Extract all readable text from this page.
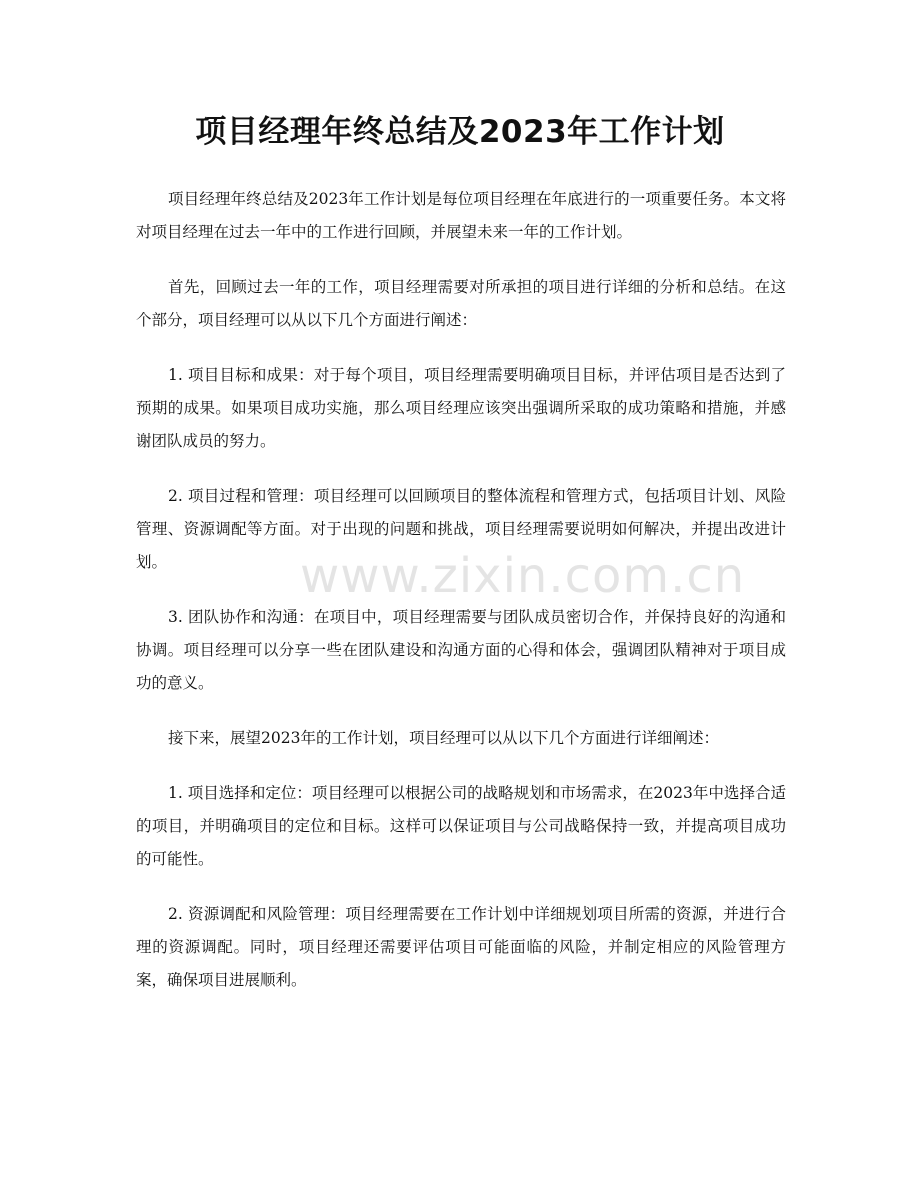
项目经理年终总结及2023年工作计划

项目经理年终总结及2023年工作计划是每位项目经理在年底进行的一项重要任务。本文将对项目经理在过去一年中的工作进行回顾，并展望未来一年的工作计划。

首先，回顾过去一年的工作，项目经理需要对所承担的项目进行详细的分析和总结。在这个部分，项目经理可以从以下几个方面进行阐述：

1. 项目目标和成果：对于每个项目，项目经理需要明确项目目标，并评估项目是否达到了预期的成果。如果项目成功实施，那么项目经理应该突出强调所采取的成功策略和措施，并感谢团队成员的努力。

2. 项目过程和管理：项目经理可以回顾项目的整体流程和管理方式，包括项目计划、风险管理、资源调配等方面。对于出现的问题和挑战，项目经理需要说明如何解决，并提出改进计划。

3. 团队协作和沟通：在项目中，项目经理需要与团队成员密切合作，并保持良好的沟通和协调。项目经理可以分享一些在团队建设和沟通方面的心得和体会，强调团队精神对于项目成功的意义。

接下来，展望2023年的工作计划，项目经理可以从以下几个方面进行详细阐述：

1. 项目选择和定位：项目经理可以根据公司的战略规划和市场需求，在2023年中选择合适的项目，并明确项目的定位和目标。这样可以保证项目与公司战略保持一致，并提高项目成功的可能性。

2. 资源调配和风险管理：项目经理需要在工作计划中详细规划项目所需的资源，并进行合理的资源调配。同时，项目经理还需要评估项目可能面临的风险，并制定相应的风险管理方案，确保项目进展顺利。

www.zixin.com.cn
